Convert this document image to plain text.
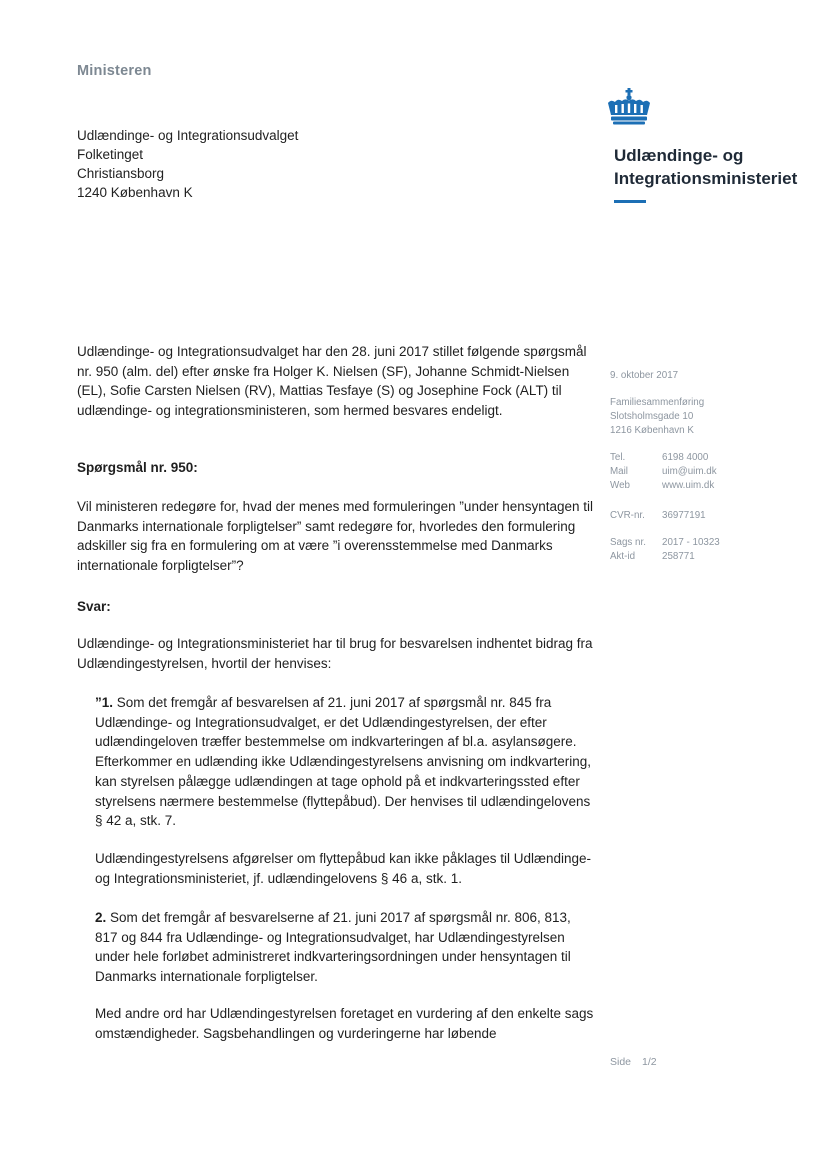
Ministeren
Udlændinge- og Integrationsudvalget
Folketinget
Christiansborg
1240 København K
Udlændinge- og
Integrationsministeriet
Udlændinge- og Integrationsudvalget har den 28. juni 2017 stillet følgende spørgsmål nr. 950 (alm. del) efter ønske fra Holger K. Nielsen (SF), Johanne Schmidt-Nielsen (EL), Sofie Carsten Nielsen (RV), Mattias Tesfaye (S) og Josephine Fock (ALT) til udlændinge- og integrationsministeren, som hermed besvares endeligt.
Spørgsmål nr. 950:
Vil ministeren redegøre for, hvad der menes med formuleringen ”under hensyntagen til Danmarks internationale forpligtelser” samt redegøre for, hvorledes den formulering adskiller sig fra en formulering om at være ”i overensstemmelse med Danmarks internationale forpligtelser”?
Svar:
Udlændinge- og Integrationsministeriet har til brug for besvarelsen indhentet bidrag fra Udlændingestyrelsen, hvortil der henvises:
”1. Som det fremgår af besvarelsen af 21. juni 2017 af spørgsmål nr. 845 fra Udlændinge- og Integrationsudvalget, er det Udlændingestyrelsen, der efter udlændingeloven træffer bestemmelse om indkvarteringen af bl.a. asylansøgere. Efterkommer en udlænding ikke Udlændingestyrelsens anvisning om indkvartering, kan styrelsen pålægge udlændingen at tage ophold på et indkvarteringssted efter styrelsens nærmere bestemmelse (flyttepåbud). Der henvises til udlændingelovens § 42 a, stk. 7.
Udlændingestyrelsens afgørelser om flyttepåbud kan ikke påklages til Udlændinge- og Integrationsministeriet, jf. udlændingelovens § 46 a, stk. 1.
2. Som det fremgår af besvarelserne af 21. juni 2017 af spørgsmål nr. 806, 813, 817 og 844 fra Udlændinge- og Integrationsudvalget, har Udlændingestyrelsen under hele forløbet administreret indkvarteringsordningen under hensyntagen til Danmarks internationale forpligtelser.
Med andre ord har Udlændingestyrelsen foretaget en vurdering af den enkelte sags omstændigheder. Sagsbehandlingen og vurderingerne har løbende
9. oktober 2017
Familiesammenføring
Slotsholmsgade 10
1216 København K
Tel.	6198 4000
Mail	uim@uim.dk
Web	www.uim.dk
CVR-nr.	36977191
Sags nr.	2017 - 10323
Akt-id	258771
Side 1/2
